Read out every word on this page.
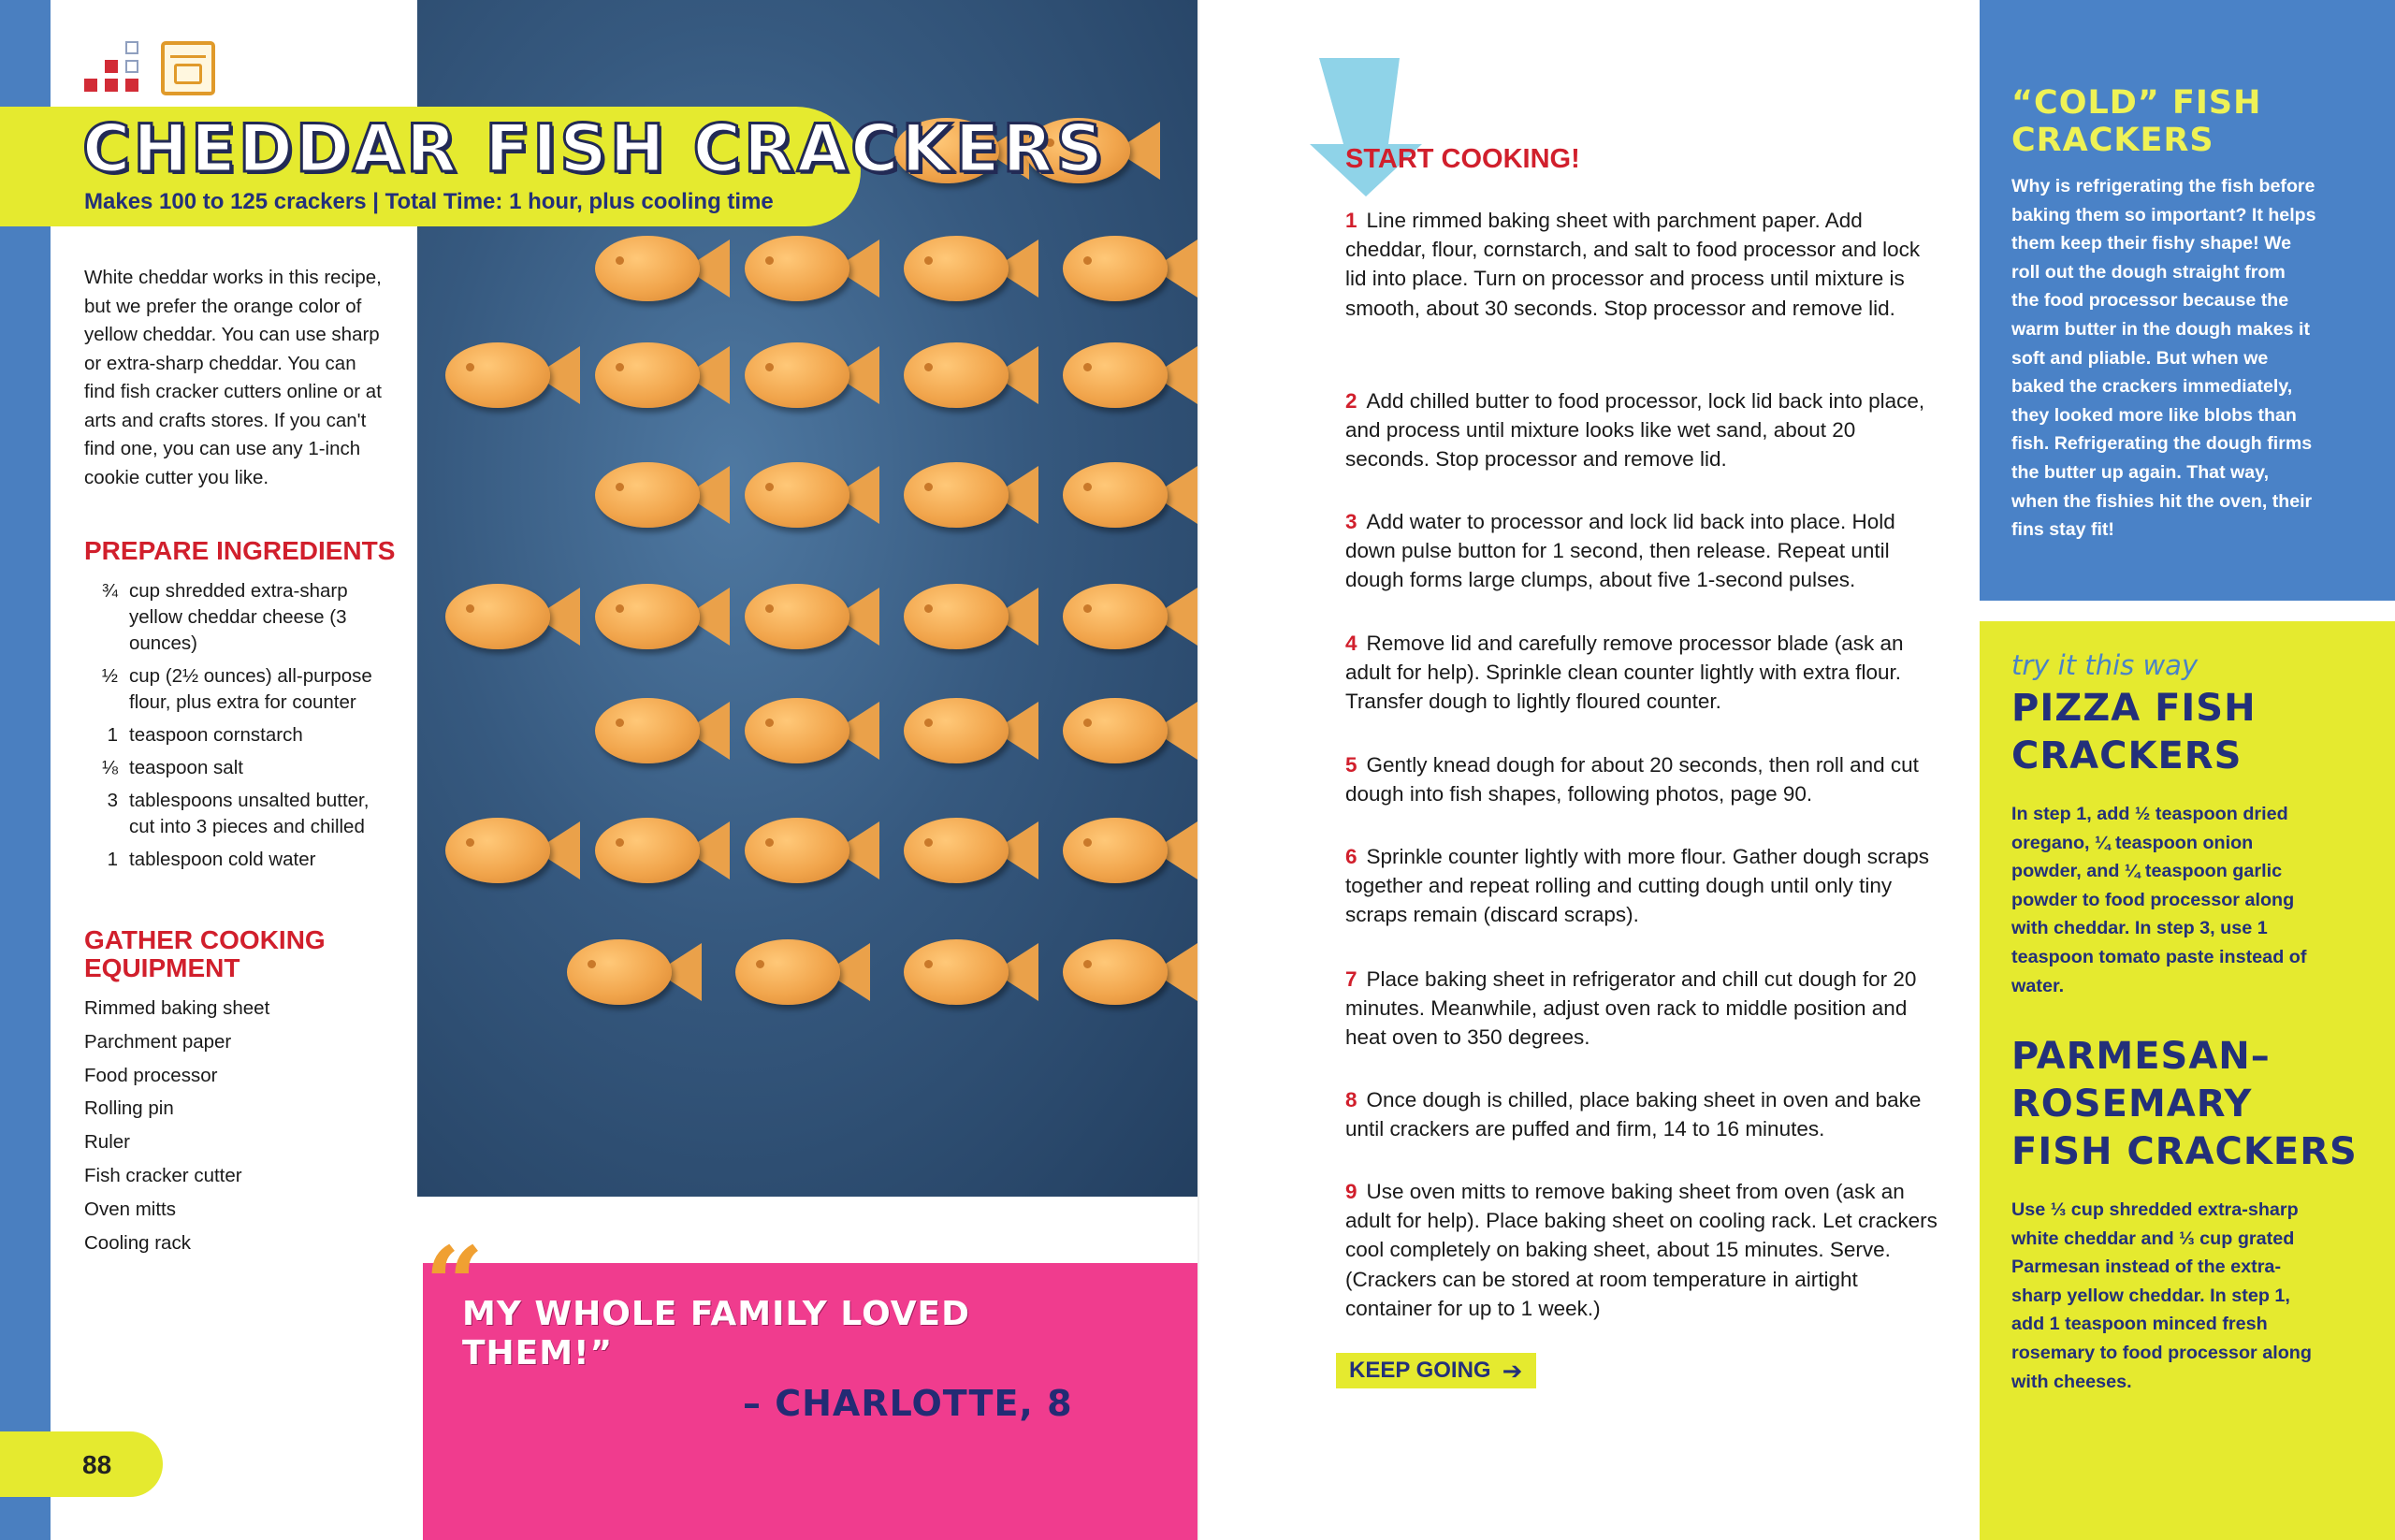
CHEDDAR FISH CRACKERS
Makes 100 to 125 crackers | Total Time: 1 hour, plus cooling time
White cheddar works in this recipe, but we prefer the orange color of yellow cheddar. You can use sharp or extra-sharp cheddar. You can find fish cracker cutters online or at arts and crafts stores. If you can't find one, you can use any 1-inch cookie cutter you like.
PREPARE INGREDIENTS
¾ cup shredded extra-sharp yellow cheddar cheese (3 ounces)
½ cup (2½ ounces) all-purpose flour, plus extra for counter
1 teaspoon cornstarch
⅛ teaspoon salt
3 tablespoons unsalted butter, cut into 3 pieces and chilled
1 tablespoon cold water
GATHER COOKING EQUIPMENT
Rimmed baking sheet
Parchment paper
Food processor
Rolling pin
Ruler
Fish cracker cutter
Oven mitts
Cooling rack
88
“
MY WHOLE FAMILY LOVED THEM!”
– CHARLOTTE, 8
START COOKING!
1 Line rimmed baking sheet with parchment paper. Add cheddar, flour, cornstarch, and salt to food processor and lock lid into place. Turn on processor and process until mixture is smooth, about 30 seconds. Stop processor and remove lid.
2 Add chilled butter to food processor, lock lid back into place, and process until mixture looks like wet sand, about 20 seconds. Stop processor and remove lid.
3 Add water to processor and lock lid back into place. Hold down pulse button for 1 second, then release. Repeat until dough forms large clumps, about five 1-second pulses.
4 Remove lid and carefully remove processor blade (ask an adult for help). Sprinkle clean counter lightly with extra flour. Transfer dough to lightly floured counter.
5 Gently knead dough for about 20 seconds, then roll and cut dough into fish shapes, following photos, page 90.
6 Sprinkle counter lightly with more flour. Gather dough scraps together and repeat rolling and cutting dough until only tiny scraps remain (discard scraps).
7 Place baking sheet in refrigerator and chill cut dough for 20 minutes. Meanwhile, adjust oven rack to middle position and heat oven to 350 degrees.
8 Once dough is chilled, place baking sheet in oven and bake until crackers are puffed and firm, 14 to 16 minutes.
9 Use oven mitts to remove baking sheet from oven (ask an adult for help). Place baking sheet on cooling rack. Let crackers cool completely on baking sheet, about 15 minutes. Serve. (Crackers can be stored at room temperature in airtight container for up to 1 week.)
KEEP GOING ➔
“COLD” FISH CRACKERS
Why is refrigerating the fish before baking them so important? It helps them keep their fishy shape! We roll out the dough straight from the food processor because the warm butter in the dough makes it soft and pliable. But when we baked the crackers immediately, they looked more like blobs than fish. Refrigerating the dough firms the butter up again. That way, when the fishies hit the oven, their fins stay fit!
try it this way
PIZZA FISH CRACKERS
In step 1, add ½ teaspoon dried oregano, ¼ teaspoon onion powder, and ¼ teaspoon garlic powder to food processor along with cheddar. In step 3, use 1 teaspoon tomato paste instead of water.
PARMESAN–ROSEMARY FISH CRACKERS
Use ⅓ cup shredded extra-sharp white cheddar and ⅓ cup grated Parmesan instead of the extra-sharp yellow cheddar. In step 1, add 1 teaspoon minced fresh rosemary to food processor along with cheeses.
